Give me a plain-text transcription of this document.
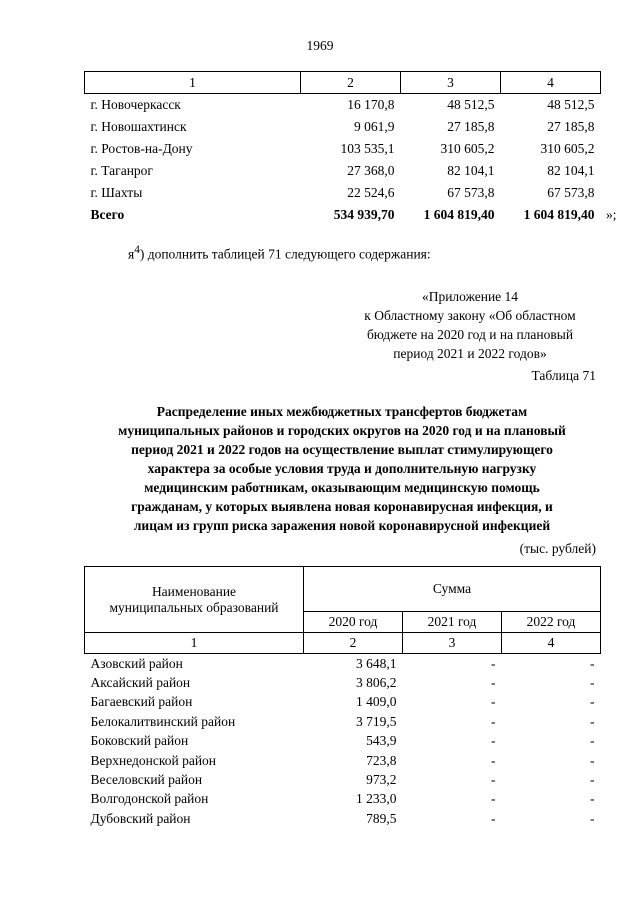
1969
1	2	3	4
г. Новочеркасск	16 170,8	48 512,5	48 512,5
г. Новошахтинск	9 061,9	27 185,8	27 185,8
г. Ростов-на-Дону	103 535,1	310 605,2	310 605,2
г. Таганрог	27 368,0	82 104,1	82 104,1
г. Шахты	22 524,6	67 573,8	67 573,8
Всего	534 939,70	1 604 819,40	1 604 819,40 »;
$я^4$) дополнить таблицей 71 следующего содержания:
«Приложение 14
к Областному закону «Об областном
бюджете на 2020 год и на плановый
период 2021 и 2022 годов»
Таблица 71
Распределение иных межбюджетных трансфертов бюджетам
муниципальных районов и городских округов на 2020 год и на плановый
период 2021 и 2022 годов на осуществление выплат стимулирующего
характера за особые условия труда и дополнительную нагрузку
медицинским работникам, оказывающим медицинскую помощь
гражданам, у которых выявлена новая коронавирусная инфекция, и
лицам из групп риска заражения новой коронавирусной инфекцией
(тыс. рублей)
Наименование
муниципальных образований	Сумма		
	2020 год	2021 год	2022 год
1	2	3	4
Азовский район	3 648,1	-	-
Аксайский район	3 806,2	-	-
Багаевский район	1 409,0	-	-
Белокалитвинский район	3 719,5	-	-
Боковский район	543,9	-	-
Верхнедонской район	723,8	-	-
Веселовский район	973,2	-	-
Волгодонской район	1 233,0	-	-
Дубовский район	789,5	-	-
